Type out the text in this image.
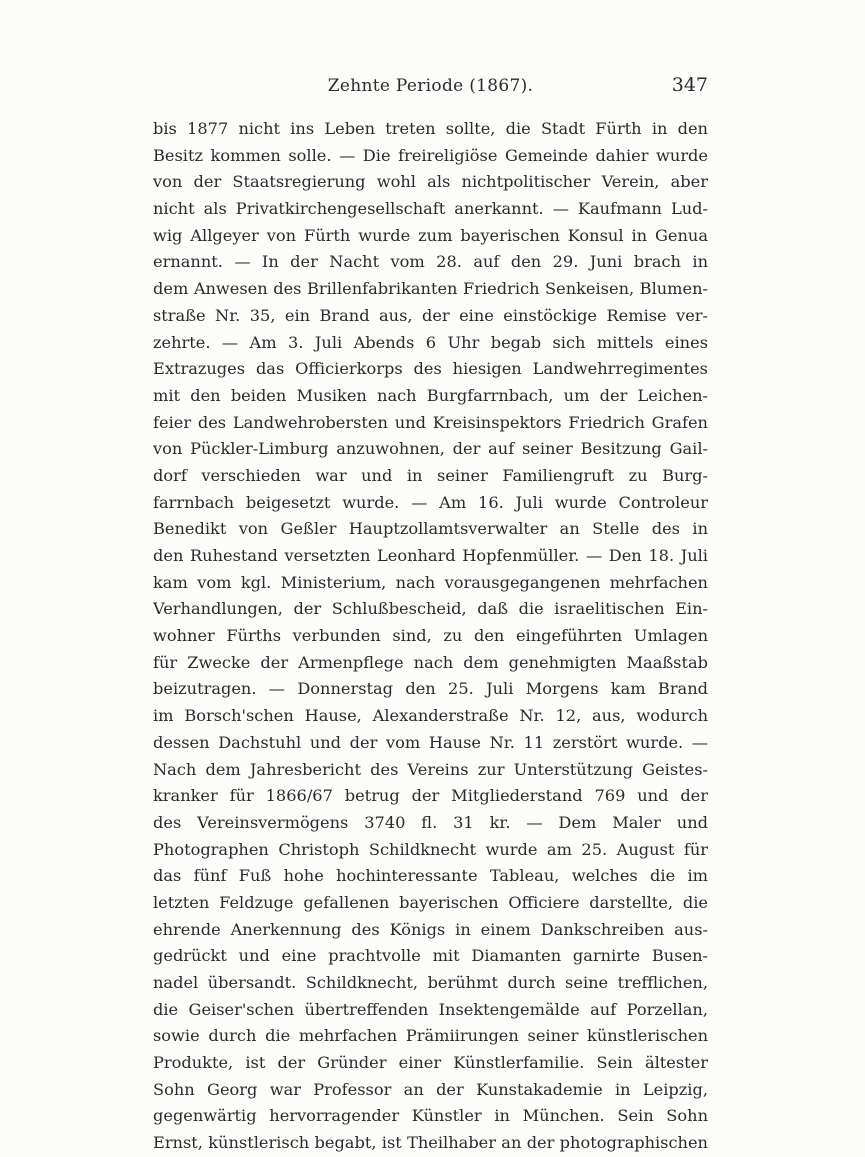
Zehnte Periode (1867).	347
bis 1877 nicht ins Leben treten sollte, die Stadt Fürth in den
Besitz kommen solle. — Die freireligiöse Gemeinde dahier wurde
von der Staatsregierung wohl als nichtpolitischer Verein, aber
nicht als Privatkirchengesellschaft anerkannt. — Kaufmann Lud-
wig Allgeyer von Fürth wurde zum bayerischen Konsul in Genua
ernannt. — In der Nacht vom 28. auf den 29. Juni brach in
dem Anwesen des Brillenfabrikanten Friedrich Senkeisen, Blumen-
straße Nr. 35, ein Brand aus, der eine einstöckige Remise ver-
zehrte. — Am 3. Juli Abends 6 Uhr begab sich mittels eines
Extrazuges das Officierkorps des hiesigen Landwehrregimentes
mit den beiden Musiken nach Burgfarrnbach, um der Leichen-
feier des Landwehrobersten und Kreisinspektors Friedrich Grafen
von Pückler-Limburg anzuwohnen, der auf seiner Besitzung Gail-
dorf verschieden war und in seiner Familiengruft zu Burg-
farrnbach beigesetzt wurde. — Am 16. Juli wurde Controleur
Benedikt von Geßler Hauptzollamtsverwalter an Stelle des in
den Ruhestand versetzten Leonhard Hopfenmüller. — Den 18. Juli
kam vom kgl. Ministerium, nach vorausgegangenen mehrfachen
Verhandlungen, der Schlußbescheid, daß die israelitischen Ein-
wohner Fürths verbunden sind, zu den eingeführten Umlagen
für Zwecke der Armenpflege nach dem genehmigten Maaßstab
beizutragen. — Donnerstag den 25. Juli Morgens kam Brand
im Borsch'schen Hause, Alexanderstraße Nr. 12, aus, wodurch
dessen Dachstuhl und der vom Hause Nr. 11 zerstört wurde. —
Nach dem Jahresbericht des Vereins zur Unterstützung Geistes-
kranker für 1866/67 betrug der Mitgliederstand 769 und der
des Vereinsvermögens 3740 fl. 31 kr. — Dem Maler und
Photographen Christoph Schildknecht wurde am 25. August für
das fünf Fuß hohe hochinteressante Tableau, welches die im
letzten Feldzuge gefallenen bayerischen Officiere darstellte, die
ehrende Anerkennung des Königs in einem Dankschreiben aus-
gedrückt und eine prachtvolle mit Diamanten garnirte Busen-
nadel übersandt. Schildknecht, berühmt durch seine trefflichen,
die Geiser'schen übertreffenden Insektengemälde auf Porzellan,
sowie durch die mehrfachen Prämiirungen seiner künstlerischen
Produkte, ist der Gründer einer Künstlerfamilie. Sein ältester
Sohn Georg war Professor an der Kunstakademie in Leipzig,
gegenwärtig hervorragender Künstler in München. Sein Sohn
Ernst, künstlerisch begabt, ist Theilhaber an der photographischen
